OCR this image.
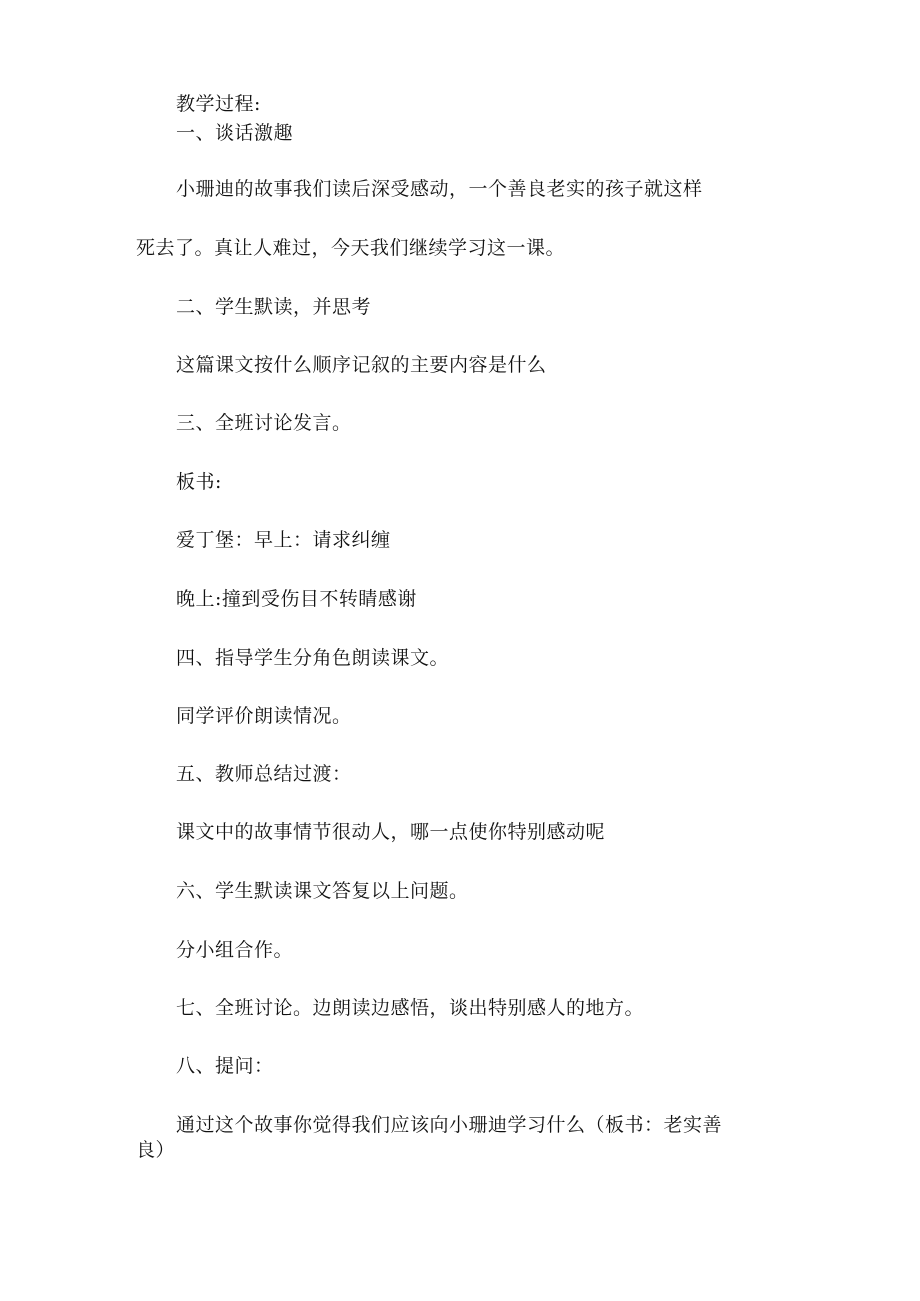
教学过程:
一、谈话激趣
小珊迪的故事我们读后深受感动，一个善良老实的孩子就这样
死去了。真让人难过，今天我们继续学习这一课。
二、学生默读，并思考
这篇课文按什么顺序记叙的主要内容是什么
三、全班讨论发言。
板书:
爱丁堡：早上：请求纠缠
晚上:撞到受伤目不转睛感谢
四、指导学生分角色朗读课文。
同学评价朗读情况。
五、教师总结过渡：
课文中的故事情节很动人，哪一点使你特别感动呢
六、学生默读课文答复以上问题。
分小组合作。
七、全班讨论。边朗读边感悟，谈出特别感人的地方。
八、提问：
通过这个故事你觉得我们应该向小珊迪学习什么（板书：老实善
良）
